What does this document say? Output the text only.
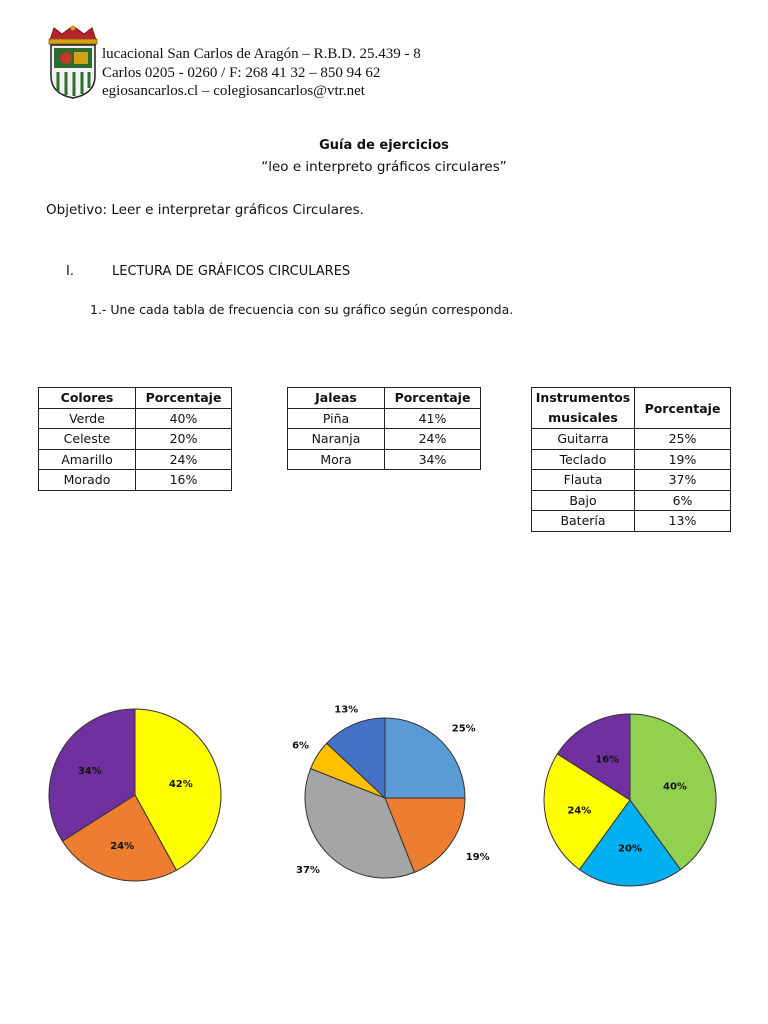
lucacional San Carlos de Aragón – R.B.D. 25.439 - 8
Carlos 0205 - 0260 / F: 268 41 32 – 850 94 62
egiosancarlos.cl – colegiosancarlos@vtr.net
Guía de ejercicios
“leo e interpreto gráficos circulares”
Objetivo: Leer e interpretar gráficos Circulares.
I.	LECTURA DE GRÁFICOS CIRCULARES
1.- Une cada tabla de frecuencia con su gráfico según corresponda.
Colores	Porcentaje
Verde	40%
Celeste	20%
Amarillo	24%
Morado	16%
Jaleas	Porcentaje
Piña	41%
Naranja	24%
Mora	34%
Instrumentos musicales	Porcentaje
Guitarra	25%
Teclado	19%
Flauta	37%
Bajo	6%
Batería	13%
42%
24%
34%
25%
19%
37%
6%
13%
40%
20%
24%
16%
